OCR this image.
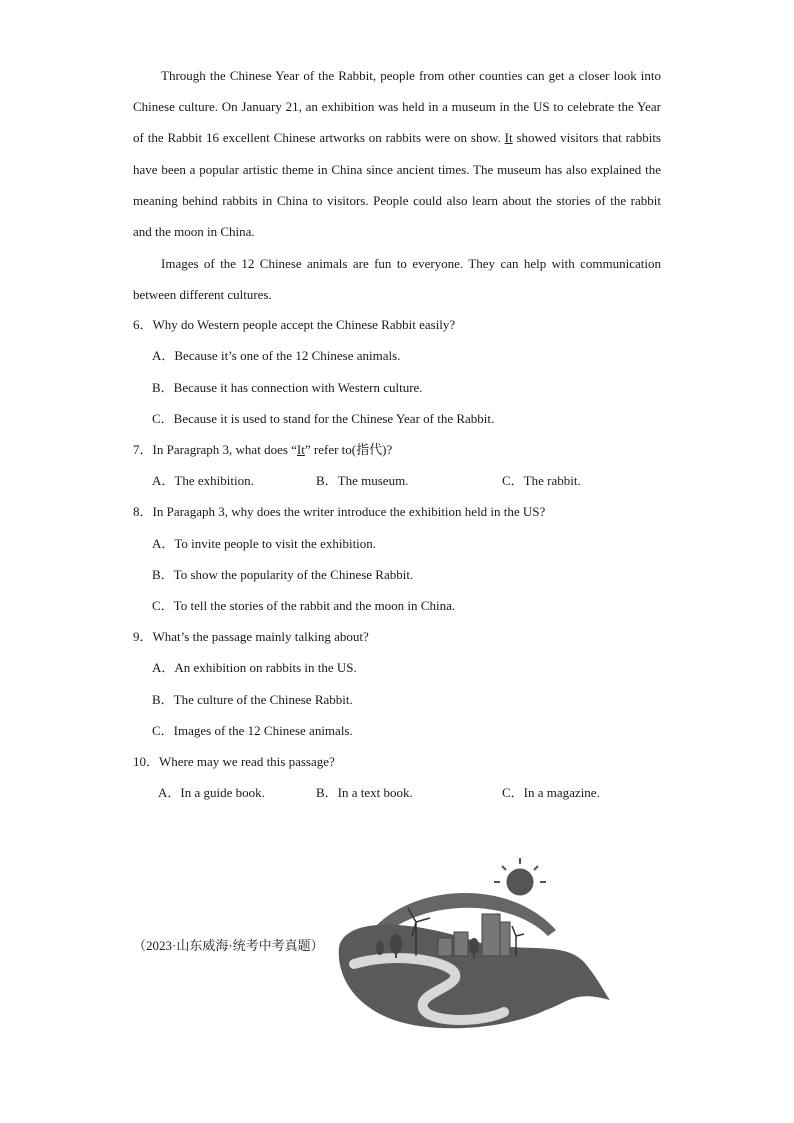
Through the Chinese Year of the Rabbit, people from other counties can get a closer look into Chinese culture. On January 21, an exhibition was held in a museum in the US to celebrate the Year of the Rabbit 16 excellent Chinese artworks on rabbits were on show. It showed visitors that rabbits have been a popular artistic theme in China since ancient times. The museum has also explained the meaning behind rabbits in China to visitors. People could also learn about the stories of the rabbit and the moon in China.

Images of the 12 Chinese animals are fun to everyone. They can help with communication between different cultures.

6．Why do Western people accept the Chinese Rabbit easily?
A．Because it’s one of the 12 Chinese animals.
B．Because it has connection with Western culture.
C．Because it is used to stand for the Chinese Year of the Rabbit.
7．In Paragraph 3, what does “It” refer to(指代)?
A．The exhibition.	B．The museum.	C．The rabbit.
8．In Paragaph 3, why does the writer introduce the exhibition held in the US?
A．To invite people to visit the exhibition.
B．To show the popularity of the Chinese Rabbit.
C．To tell the stories of the rabbit and the moon in China.
9．What’s the passage mainly talking about?
A．An exhibition on rabbits in the US.
B．The culture of the Chinese Rabbit.
C．Images of the 12 Chinese animals.
10．Where may we read this passage?
A．In a guide book.	B．In a text book.	C．In a magazine.
（2023·山东威海·统考中考真题）
